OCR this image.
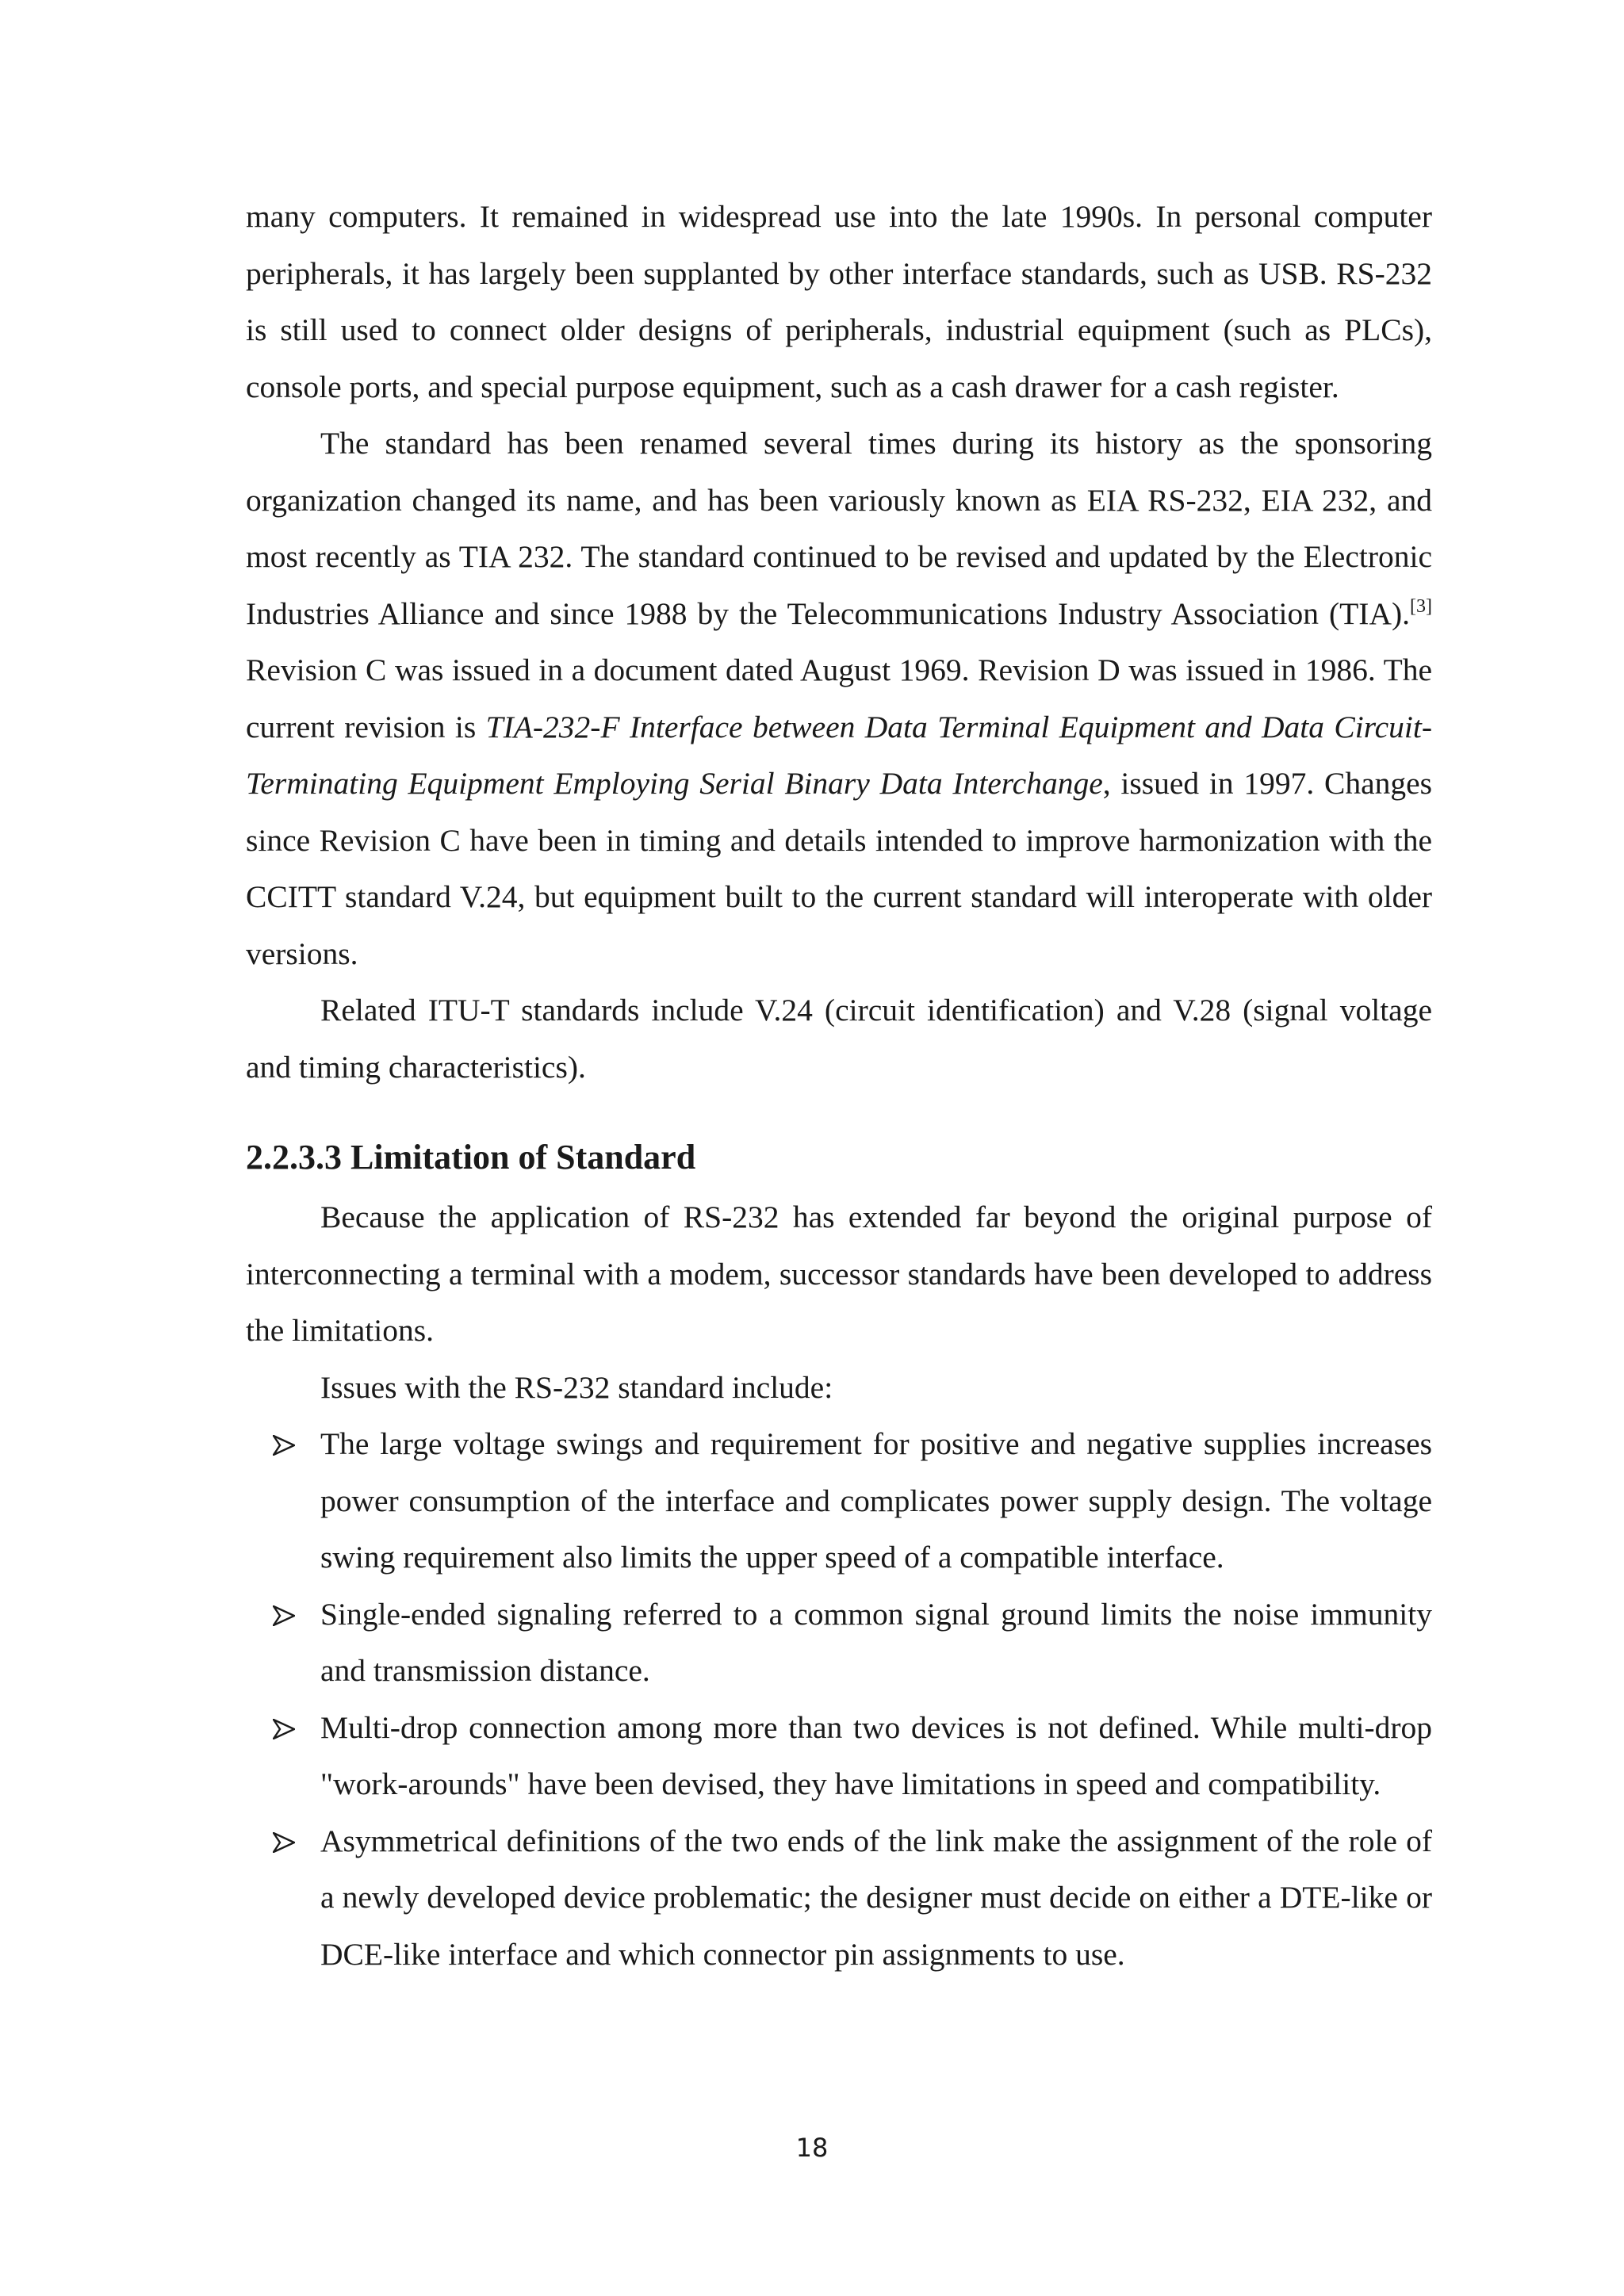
many computers. It remained in widespread use into the late 1990s. In personal computer peripherals, it has largely been supplanted by other interface standards, such as USB. RS-232 is still used to connect older designs of peripherals, industrial equipment (such as PLCs), console ports, and special purpose equipment, such as a cash drawer for a cash register.

The standard has been renamed several times during its history as the sponsoring organization changed its name, and has been variously known as EIA RS-232, EIA 232, and most recently as TIA 232. The standard continued to be revised and updated by the Electronic Industries Alliance and since 1988 by the Telecommunications Industry Association (TIA).[3] Revision C was issued in a document dated August 1969. Revision D was issued in 1986. The current revision is TIA-232-F Interface between Data Terminal Equipment and Data Circuit-Terminating Equipment Employing Serial Binary Data Interchange, issued in 1997. Changes since Revision C have been in timing and details intended to improve harmonization with the CCITT standard V.24, but equipment built to the current standard will interoperate with older versions.

Related ITU-T standards include V.24 (circuit identification) and V.28 (signal voltage and timing characteristics).

2.2.3.3 Limitation of Standard

Because the application of RS-232 has extended far beyond the original purpose of interconnecting a terminal with a modem, successor standards have been developed to address the limitations.

Issues with the RS-232 standard include:

The large voltage swings and requirement for positive and negative supplies increases power consumption of the interface and complicates power supply design. The voltage swing requirement also limits the upper speed of a compatible interface.
Single-ended signaling referred to a common signal ground limits the noise immunity and transmission distance.
Multi-drop connection among more than two devices is not defined. While multi-drop "work-arounds" have been devised, they have limitations in speed and compatibility.
Asymmetrical definitions of the two ends of the link make the assignment of the role of a newly developed device problematic; the designer must decide on either a DTE-like or DCE-like interface and which connector pin assignments to use.
18
